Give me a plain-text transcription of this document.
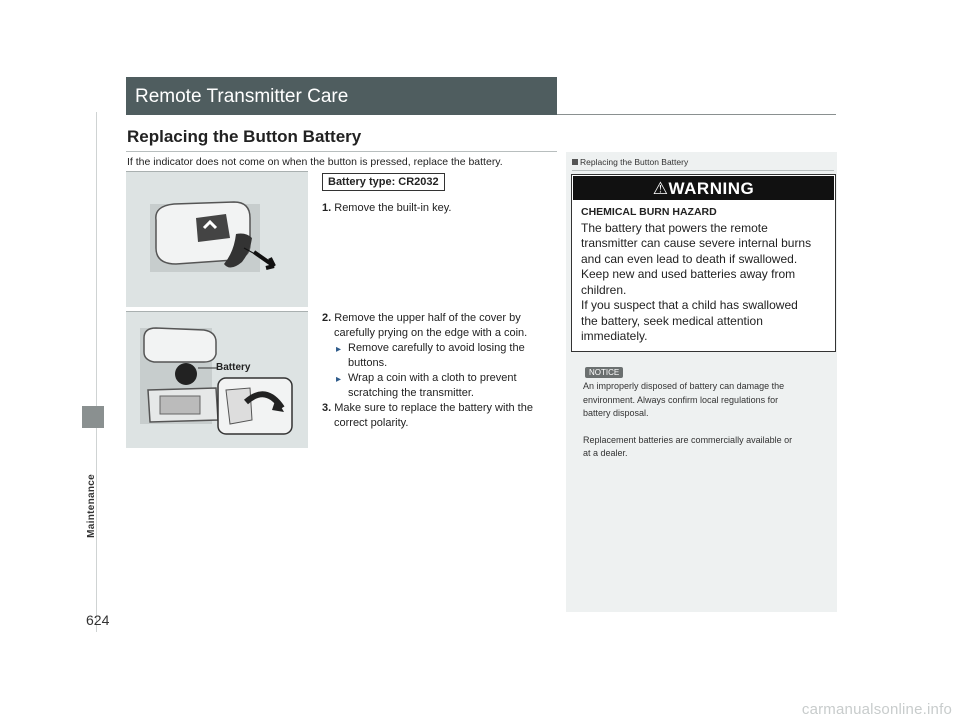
Maintenance
624
Remote Transmitter Care
Replacing the Button Battery
If the indicator does not come on when the button is pressed, replace the battery.
Battery
Battery type: CR2032
1. Remove the built-in key.
2. Remove the upper half of the cover by
carefully prying on the edge with a coin.
▸ Remove carefully to avoid losing the
buttons.
▸ Wrap a coin with a cloth to prevent
scratching the transmitter.
3. Make sure to replace the battery with the
correct polarity.
Replacing the Button Battery
⚠WARNING
CHEMICAL BURN HAZARD
The battery that powers the remote
transmitter can cause severe internal burns
and can even lead to death if swallowed.
Keep new and used batteries away from
children.
If you suspect that a child has swallowed
the battery, seek medical attention
immediately.
NOTICE
An improperly disposed of battery can damage the
environment. Always confirm local regulations for
battery disposal.
Replacement batteries are commercially available or
at a dealer.
carmanualsonline.info
